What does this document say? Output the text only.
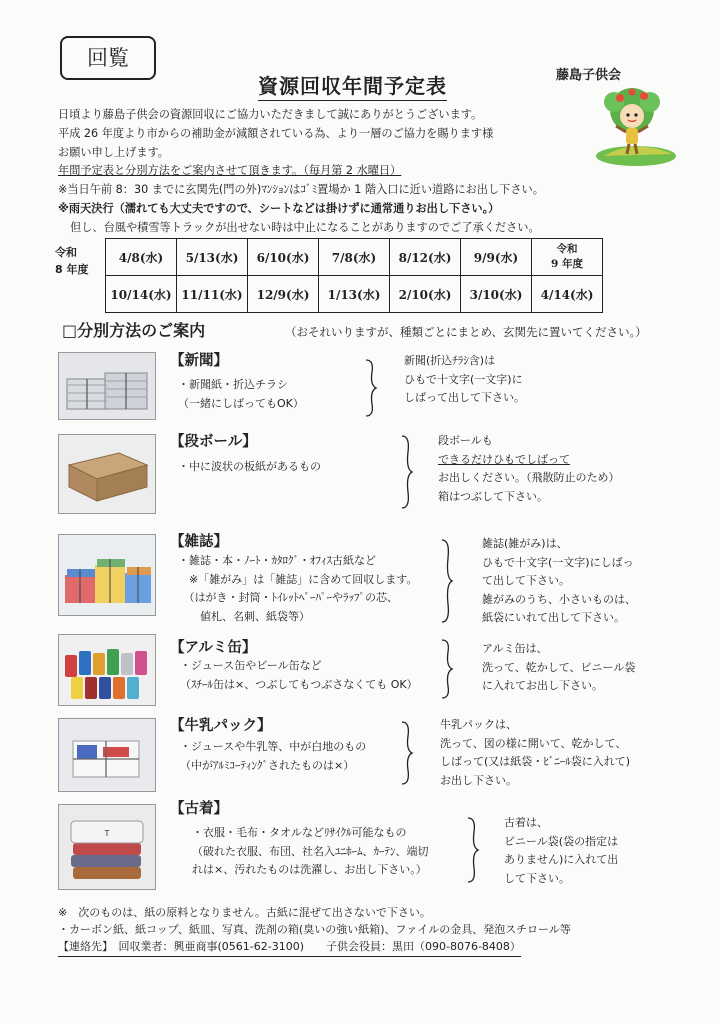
回覧
資源回収年間予定表	藤島子供会
日頃より藤島子供会の資源回収にご協力いただきまして誠にありがとうございます。
平成 26 年度より市からの補助金が減額されている為、より一層のご協力を賜ります様
お願い申し上げます。
年間予定表と分別方法をご案内させて頂きます。（毎月第 2 水曜日）
※当日午前 8：30 までに玄関先(門の外)ﾏﾝｼｮﾝはｺﾞﾐ置場か 1 階入口に近い道路にお出し下さい。
※雨天決行（濡れても大丈夫ですので、シートなどは掛けずに通常通りお出し下さい。）
但し、台風や積雪等トラックが出せない時は中止になることがありますのでご了承ください。
令和
8 年度
4/8(水)	5/13(水)	6/10(水)	7/8(水)	8/12(水)	9/9(水)	令和
9 年度

10/14(水)	11/11(水)	12/9(水)	1/13(水)	2/10(水)	3/10(水)	4/14(水)
□分別方法のご案内	（おそれいりますが、種類ごとにまとめ、玄関先に置いてください。）
【新聞】
・新聞紙・折込チラシ
（一緒にしばってもOK）
新聞(折込ﾁﾗｼ含)は
ひもで十文字(一文字)に
しばって出して下さい。
【段ボール】
・中に波状の板紙があるもの
段ボールも
できるだけひもでしばって
お出しください。（飛散防止のため）
箱はつぶして下さい。
【雑誌】
・雑誌・本・ﾉｰﾄ・ｶﾀﾛｸﾞ・ｵﾌｨｽ古紙など
　※「雑がみ」は「雑誌」に含めて回収します。
　（はがき・封筒・ﾄｲﾚｯﾄﾍﾟｰﾊﾟｰやﾗｯﾌﾟの芯、
　　値札、名刺、紙袋等）
雑誌(雑がみ)は、
ひもで十文字(一文字)にしばっ
て出して下さい。
雑がみのうち、小さいものは、
紙袋にいれて出して下さい。
【アルミ缶】
・ジュース缶やビール缶など
（ｽﾁｰﾙ缶は×、つぶしてもつぶさなくても OK）
アルミ缶は、
洗って、乾かして、ビニール袋
に入れてお出し下さい。
【牛乳パック】
・ジュースや牛乳等、中が白地のもの
（中がｱﾙﾐｺｰﾃｨﾝｸﾞされたものは×）
牛乳パックは、
洗って、図の様に開いて、乾かして、
しばって(又は紙袋・ﾋﾞﾆｰﾙ袋に入れて)
お出し下さい。
T
【古着】
・衣服・毛布・タオルなどﾘｻｲｸﾙ可能なもの
（破れた衣服、布団、社名入ﾕﾆﾎｰﾑ、ｶｰﾃﾝ、端切
れは×、汚れたものは洗濯し、お出し下さい。）
古着は、
ビニール袋(袋の指定は
ありません)に入れて出
して下さい。
※　次のものは、紙の原料となりません。古紙に混ぜて出さないで下さい。
・カーボン紙、紙コップ、紙皿、写真、洗剤の箱(臭いの強い紙箱)、ファイルの金具、発泡スチロール等
【連絡先】　回収業者：興亜商事(0561-62-3100)　　子供会役員：黒田（090-8076-8408）
